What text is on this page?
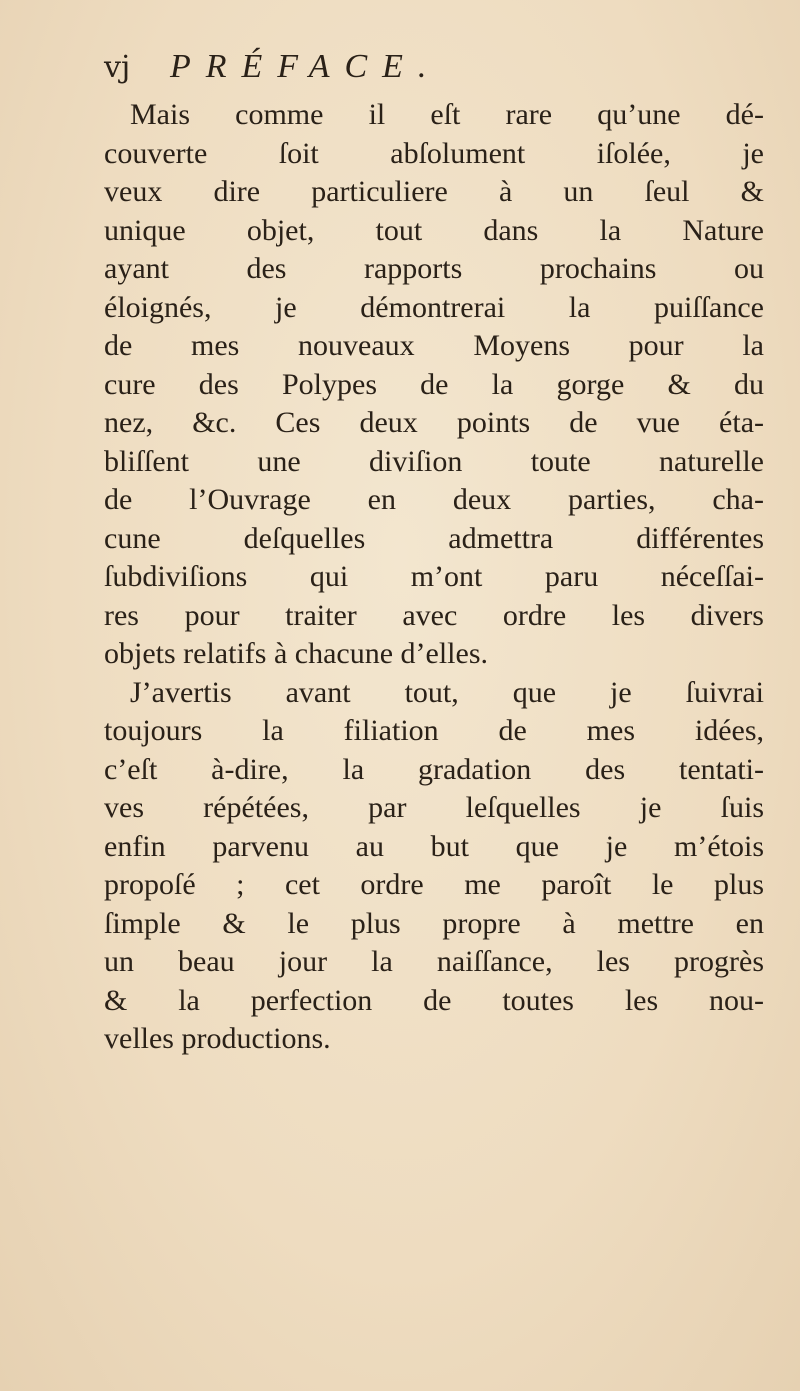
vj PRÉFACE.
Mais comme il eſt rare qu’une dé-
couverte ſoit abſolument iſolée, je
veux dire particuliere à un ſeul &
unique objet, tout dans la Nature
ayant des rapports prochains ou
éloignés, je démontrerai la puiſſance
de mes nouveaux Moyens pour la
cure des Polypes de la gorge & du
nez, &c. Ces deux points de vue éta-
bliſſent une diviſion toute naturelle
de l’Ouvrage en deux parties, cha-
cune deſquelles admettra différentes
ſubdiviſions qui m’ont paru néceſſai-
res pour traiter avec ordre les divers
objets relatifs à chacune d’elles.
J’avertis avant tout, que je ſuivrai
toujours la filiation de mes idées,
c’eſt à-dire, la gradation des tentati-
ves répétées, par leſquelles je ſuis
enfin parvenu au but que je m’étois
propoſé ; cet ordre me paroît le plus
ſimple & le plus propre à mettre en
un beau jour la naiſſance, les progrès
& la perfection de toutes les nou-
velles productions.
